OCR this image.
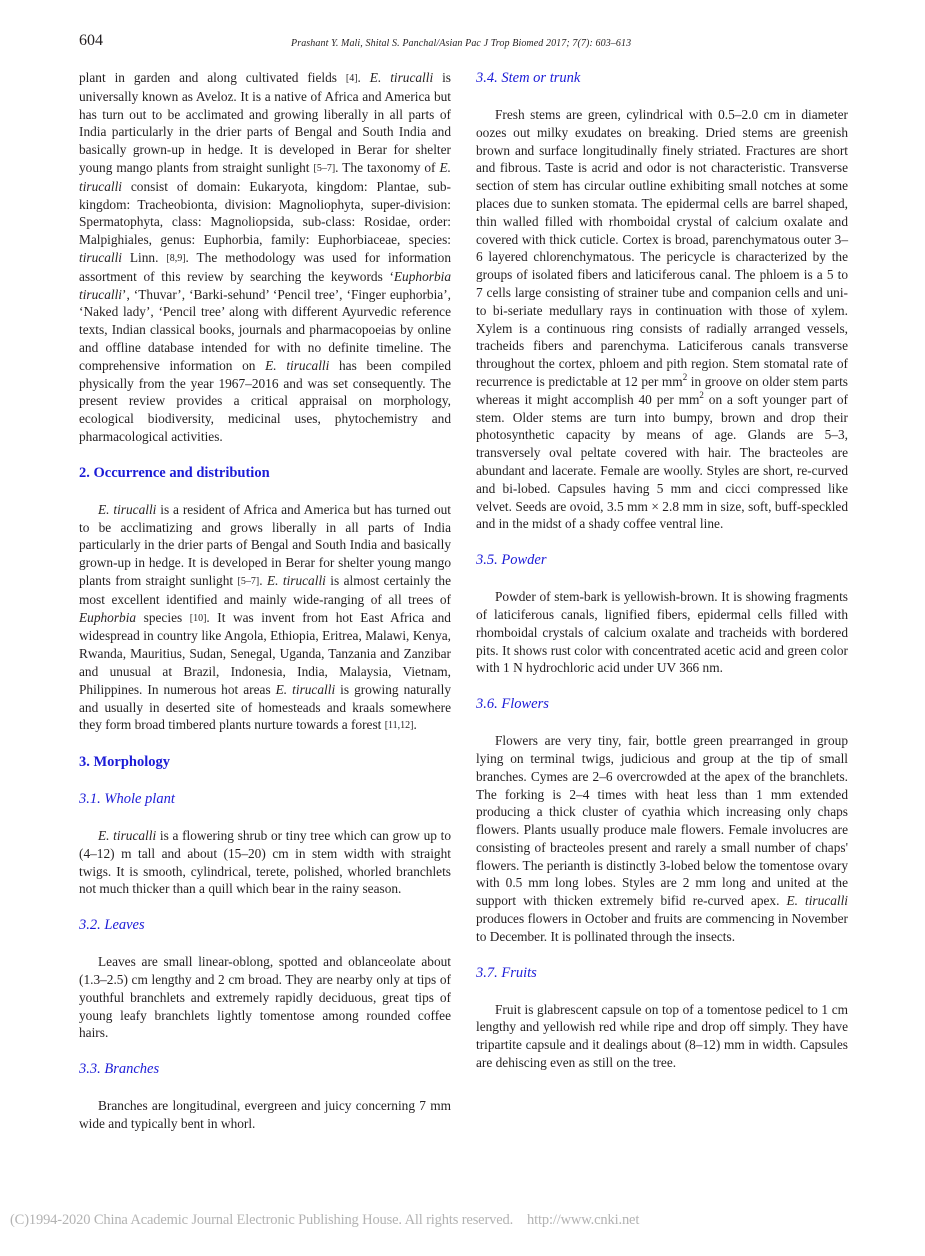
604	Prashant Y. Mali, Shital S. Panchal/Asian Pac J Trop Biomed 2017; 7(7): 603–613

plant in garden and along cultivated fields [4]. E. tirucalli is universally known as Aveloz. It is a native of Africa and America but has turn out to be acclimated and growing liberally in all parts of India particularly in the drier parts of Bengal and South India and basically grown-up in hedge. It is developed in Berar for shelter young mango plants from straight sunlight [5–7]. The taxonomy of E. tirucalli consist of domain: Eukaryota, kingdom: Plantae, sub-kingdom: Tracheobionta, division: Magnoliophyta, super-division: Spermatophyta, class: Magnoliopsida, sub-class: Rosidae, order: Malpighiales, genus: Euphorbia, family: Euphorbiaceae, species: tirucalli Linn. [8,9]. The methodology was used for information assortment of this review by searching the keywords ‘Euphorbia tirucalli’, ‘Thuvar’, ‘Barki-sehund’ ‘Pencil tree’, ‘Finger euphorbia’, ‘Naked lady’, ‘Pencil tree’ along with different Ayurvedic reference texts, Indian classical books, journals and pharmacopoeias by online and offline database intended for with no definite timeline. The comprehensive information on E. tirucalli has been compiled physically from the year 1967–2016 and was set consequently. The present review provides a critical appraisal on morphology, ecological biodiversity, medicinal uses, phytochemistry and pharmacological activities.

2. Occurrence and distribution

E. tirucalli is a resident of Africa and America but has turned out to be acclimatizing and grows liberally in all parts of India particularly in the drier parts of Bengal and South India and basically grown-up in hedge. It is developed in Berar for shelter young mango plants from straight sunlight [5–7]. E. tirucalli is almost certainly the most excellent identified and mainly wide-ranging of all trees of Euphorbia species [10]. It was invent from hot East Africa and widespread in country like Angola, Ethiopia, Eritrea, Malawi, Kenya, Rwanda, Mauritius, Sudan, Senegal, Uganda, Tanzania and Zanzibar and unusual at Brazil, Indonesia, India, Malaysia, Vietnam, Philippines. In numerous hot areas E. tirucalli is growing naturally and usually in deserted site of homesteads and kraals somewhere they form broad timbered plants nurture towards a forest [11,12].

3. Morphology
3.1. Whole plant

E. tirucalli is a flowering shrub or tiny tree which can grow up to (4–12) m tall and about (15–20) cm in stem width with straight twigs. It is smooth, cylindrical, terete, polished, whorled branchlets not much thicker than a quill which bear in the rainy season.

3.2. Leaves

Leaves are small linear-oblong, spotted and oblanceolate about (1.3–2.5) cm lengthy and 2 cm broad. They are nearby only at tips of youthful branchlets and extremely rapidly deciduous, great tips of young leafy branchlets lightly tomentose among rounded coffee hairs.

3.3. Branches

Branches are longitudinal, evergreen and juicy concerning 7 mm wide and typically bent in whorl.

3.4. Stem or trunk

Fresh stems are green, cylindrical with 0.5–2.0 cm in diameter oozes out milky exudates on breaking. Dried stems are greenish brown and surface longitudinally finely striated. Fractures are short and fibrous. Taste is acrid and odor is not characteristic. Transverse section of stem has circular outline exhibiting small notches at some places due to sunken stomata. The epidermal cells are barrel shaped, thin walled filled with rhomboidal crystal of calcium oxalate and covered with thick cuticle. Cortex is broad, parenchymatous outer 3–6 layered chlorenchymatous. The pericycle is characterized by the groups of isolated fibers and laticiferous canal. The phloem is a 5 to 7 cells large consisting of strainer tube and companion cells and uni- to bi-seriate medullary rays in continuation with those of xylem. Xylem is a continuous ring consists of radially arranged vessels, tracheids fibers and parenchyma. Laticiferous canals transverse throughout the cortex, phloem and pith region. Stem stomatal rate of recurrence is predictable at 12 per $mm^2$ in groove on older stem parts whereas it might accomplish 40 per $mm^2$ on a soft younger part of stem. Older stems are turn into bumpy, brown and drop their photosynthetic capacity by means of age. Glands are 5–3, transversely oval peltate covered with hair. The bracteoles are abundant and lacerate. Female are woolly. Styles are short, re-curved and bi-lobed. Capsules having 5 mm and cicci compressed like velvet. Seeds are ovoid, 3.5 mm × 2.8 mm in size, soft, buff-speckled and in the midst of a shady coffee ventral line.

3.5. Powder

Powder of stem-bark is yellowish-brown. It is showing fragments of laticiferous canals, lignified fibers, epidermal cells filled with rhomboidal crystals of calcium oxalate and tracheids with bordered pits. It shows rust color with concentrated acetic acid and green color with 1 N hydrochloric acid under UV 366 nm.

3.6. Flowers

Flowers are very tiny, fair, bottle green prearranged in group lying on terminal twigs, judicious and group at the tip of small branches. Cymes are 2–6 overcrowded at the apex of the branchlets. The forking is 2–4 times with heat less than 1 mm extended producing a thick cluster of cyathia which increasing only chaps flowers. Plants usually produce male flowers. Female involucres are consisting of bracteoles present and rarely a small number of chaps' flowers. The perianth is distinctly 3-lobed below the tomentose ovary with 0.5 mm long lobes. Styles are 2 mm long and united at the support with thicken extremely bifid re-curved apex. E. tirucalli produces flowers in October and fruits are commencing in November to December. It is pollinated through the insects.

3.7. Fruits

Fruit is glabrescent capsule on top of a tomentose pedicel to 1 cm lengthy and yellowish red while ripe and drop off simply. They have tripartite capsule and it dealings about (8–12) mm in width. Capsules are dehiscing even as still on the tree.

(C)1994-2020 China Academic Journal Electronic Publishing House. All rights reserved.    http://www.cnki.net
